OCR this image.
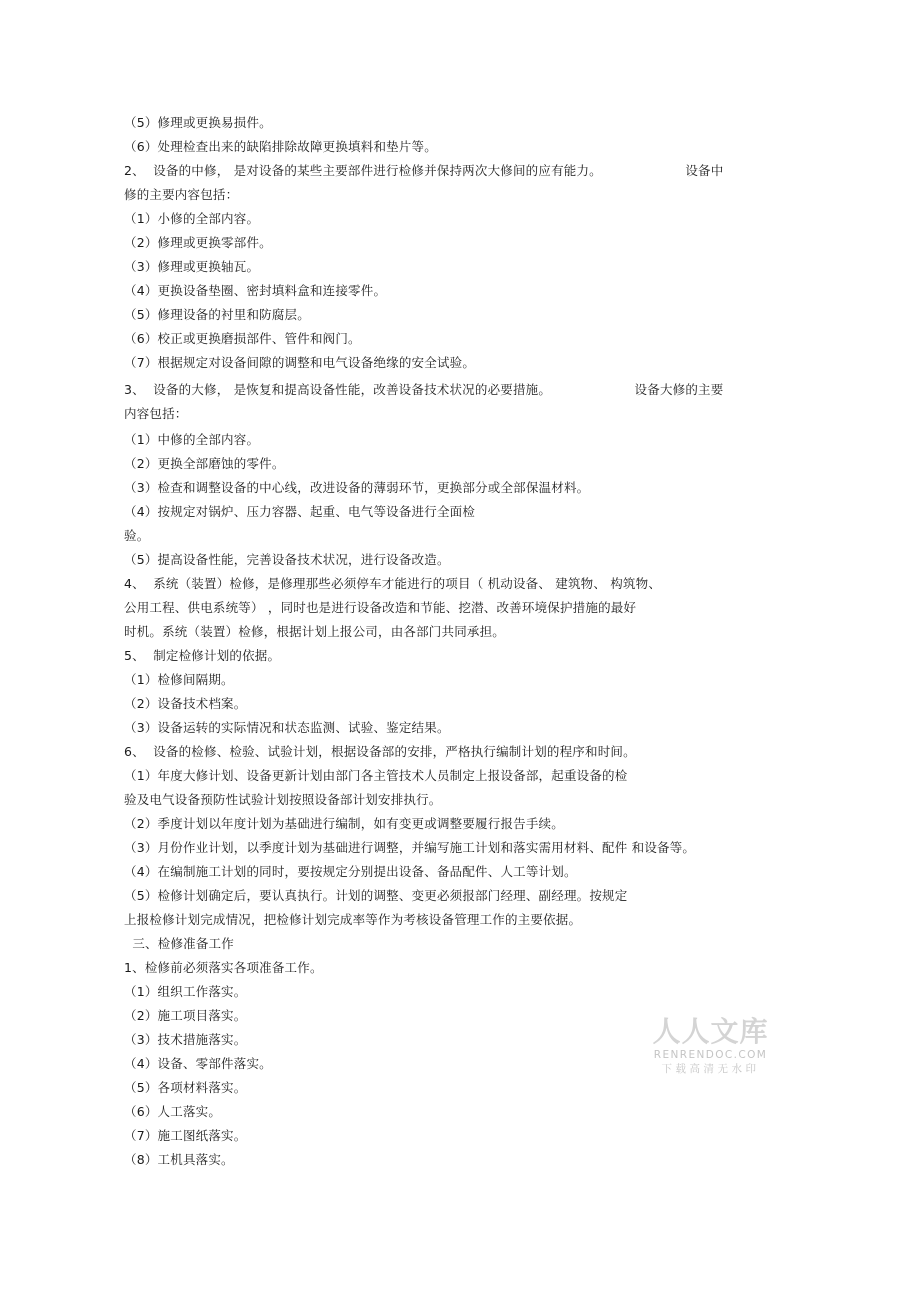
（5）修理或更换易损件。

（6）处理检查出来的缺陷排除故障更换填料和垫片等。

2、  设备的中修， 是对设备的某些主要部件进行检修并保持两次大修间的应有能力。                    设备中

修的主要内容包括：

（1）小修的全部内容。

（2）修理或更换零部件。

（3）修理或更换轴瓦。

（4）更换设备垫圈、密封填料盒和连接零件。

（5）修理设备的衬里和防腐层。

（6）校正或更换磨损部件、管件和阀门。

（7）根据规定对设备间隙的调整和电气设备绝缘的安全试验。

3、  设备的大修， 是恢复和提高设备性能，改善设备技术状况的必要措施。                    设备大修的主要

内容包括：

（1）中修的全部内容。

（2）更换全部磨蚀的零件。

（3）检查和调整设备的中心线，改进设备的薄弱环节，更换部分或全部保温材料。

（4）按规定对锅炉、压力容器、起重、电气等设备进行全面检

验。

（5）提高设备性能，完善设备技术状况，进行设备改造。

4、  系统（装置）检修，是修理那些必须停车才能进行的项目（ 机动设备、 建筑物、 构筑物、

公用工程、供电系统等） ，同时也是进行设备改造和节能、挖潜、改善环境保护措施的最好

时机。系统（装置）检修，根据计划上报公司，由各部门共同承担。

5、  制定检修计划的依据。

（1）检修间隔期。

（2）设备技术档案。

（3）设备运转的实际情况和状态监测、试验、鉴定结果。

6、  设备的检修、检验、试验计划，根据设备部的安排，严格执行编制计划的程序和时间。

（1）年度大修计划、设备更新计划由部门各主管技术人员制定上报设备部，起重设备的检

验及电气设备预防性试验计划按照设备部计划安排执行。

（2）季度计划以年度计划为基础进行编制，如有变更或调整要履行报告手续。

（3）月份作业计划，以季度计划为基础进行调整，并编写施工计划和落实需用材料、配件 和设备等。

（4）在编制施工计划的同时，要按规定分别提出设备、备品配件、人工等计划。

（5）检修计划确定后，要认真执行。计划的调整、变更必须报部门经理、副经理。按规定

上报检修计划完成情况，把检修计划完成率等作为考核设备管理工作的主要依据。

三、检修准备工作

1、检修前必须落实各项准备工作。

（1）组织工作落实。

（2）施工项目落实。

（3）技术措施落实。

（4）设备、零部件落实。

（5）各项材料落实。

（6）人工落实。

（7）施工图纸落实。

（8）工机具落实。

人人文库
RENRENDOC.COM
下载高清无水印
